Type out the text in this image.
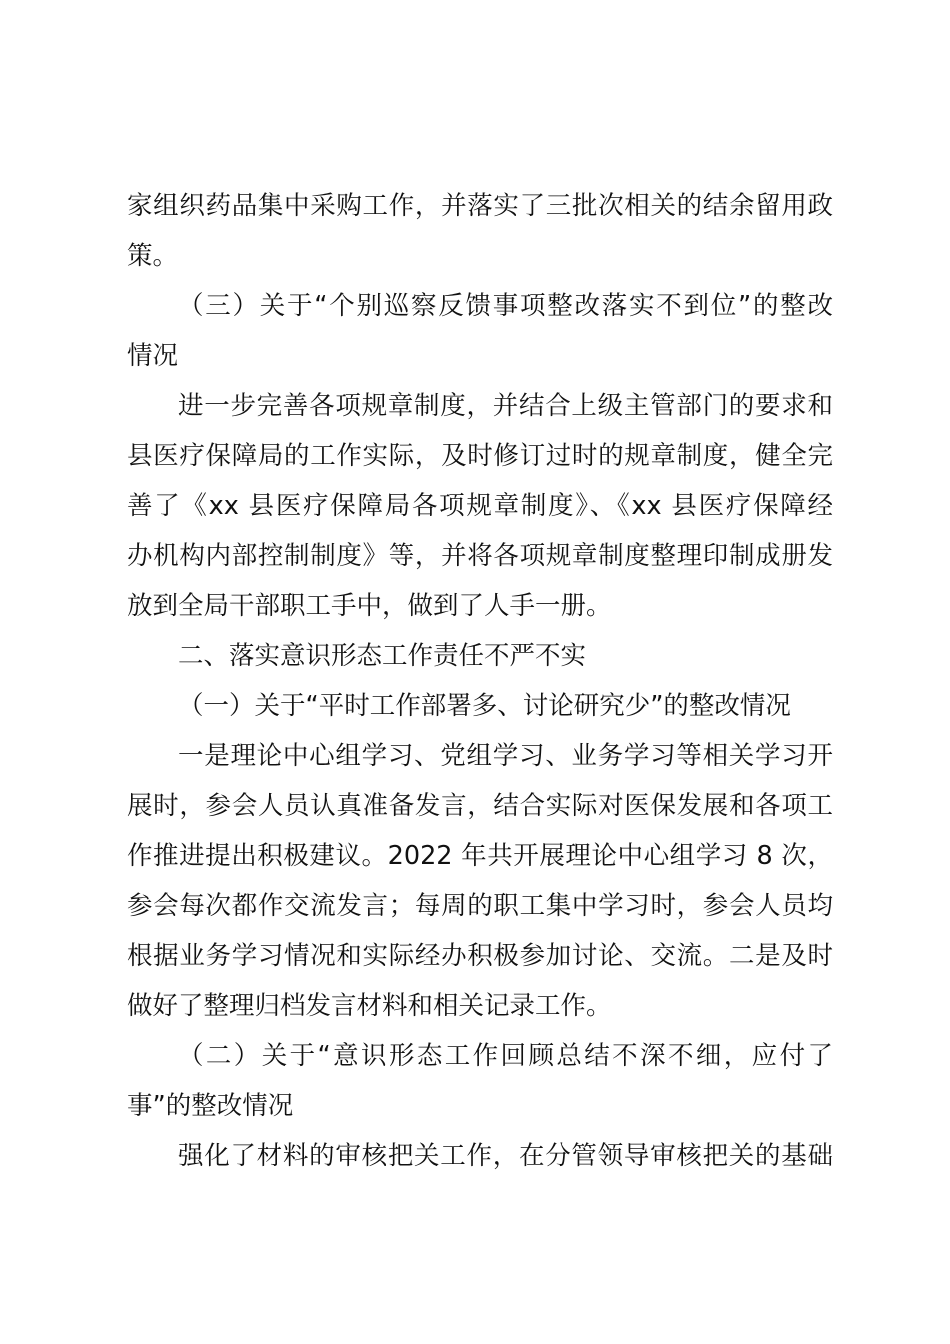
家组织药品集中采购工作，并落实了三批次相关的结余留用政
策。
（三）关于“个别巡察反馈事项整改落实不到位”的整改
情况
进一步完善各项规章制度，并结合上级主管部门的要求和
县医疗保障局的工作实际，及时修订过时的规章制度，健全完
善了《xx 县医疗保障局各项规章制度》、《xx 县医疗保障经
办机构内部控制制度》等，并将各项规章制度整理印制成册发
放到全局干部职工手中，做到了人手一册。
二、落实意识形态工作责任不严不实
（一）关于“平时工作部署多、讨论研究少”的整改情况
一是理论中心组学习、党组学习、业务学习等相关学习开
展时，参会人员认真准备发言，结合实际对医保发展和各项工
作推进提出积极建议。2022 年共开展理论中心组学习 8 次，
参会每次都作交流发言；每周的职工集中学习时，参会人员均
根据业务学习情况和实际经办积极参加讨论、交流。二是及时
做好了整理归档发言材料和相关记录工作。
（二）关于“意识形态工作回顾总结不深不细，应付了
事”的整改情况
强化了材料的审核把关工作，在分管领导审核把关的基础
